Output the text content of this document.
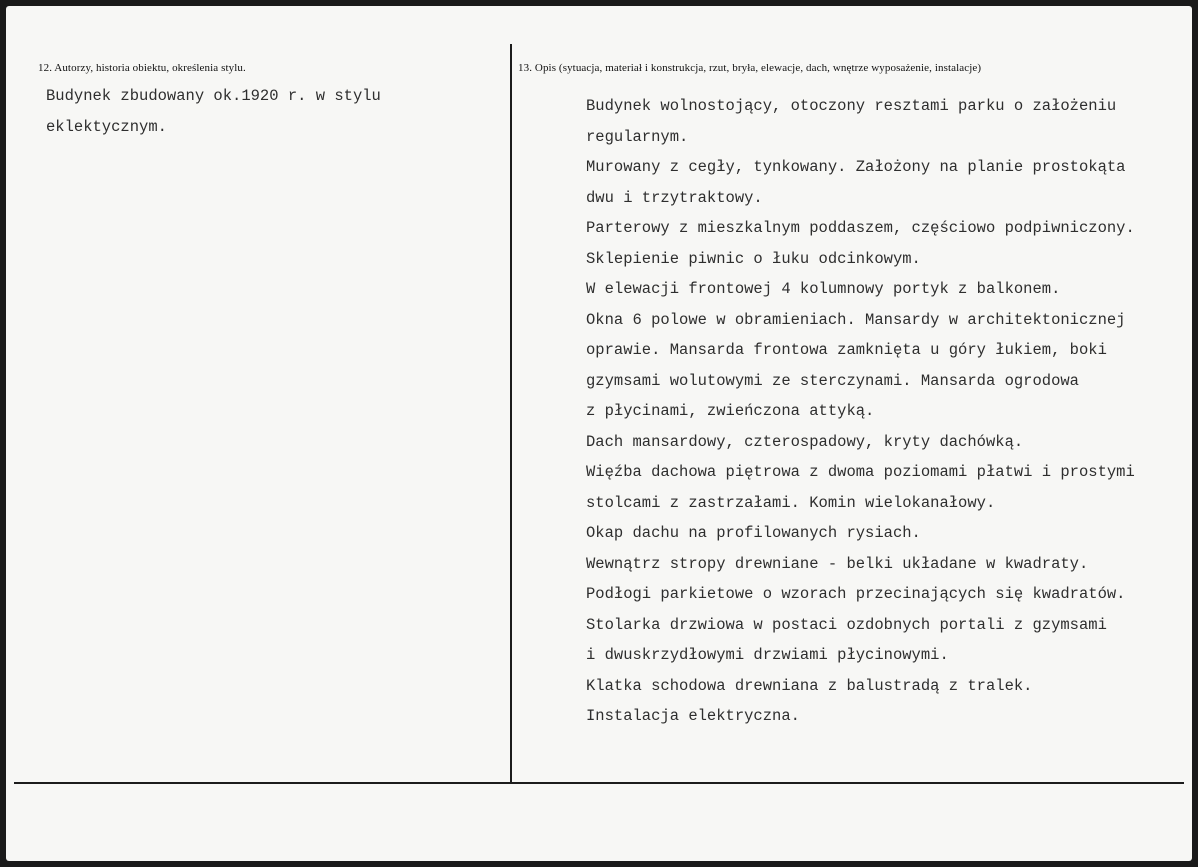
12. Autorzy, historia obiektu, określenia stylu.	13. Opis (sytuacja, materiał i konstrukcja, rzut, bryła, elewacje, dach, wnętrze wyposażenie, instalacje)
Budynek zbudowany ok.1920 r. w stylu
eklektycznym.
Budynek wolnostojący, otoczony resztami parku o założeniu
regularnym.
Murowany z cegły, tynkowany. Założony na planie prostokąta
dwu i trzytraktowy.
Parterowy z mieszkalnym poddaszem, częściowo podpiwniczony.
Sklepienie piwnic o łuku odcinkowym.
W elewacji frontowej 4 kolumnowy portyk z balkonem.
Okna 6 polowe w obramieniach. Mansardy w architektonicznej
oprawie. Mansarda frontowa zamknięta u góry łukiem, boki
gzymsami wolutowymi ze sterczynami. Mansarda ogrodowa
z płycinami, zwieńczona attyką.
Dach mansardowy, czterospadowy, kryty dachówką.
Więźba dachowa piętrowa z dwoma poziomami płatwi i prostymi
stolcami z zastrzałami. Komin wielokanałowy.
Okap dachu na profilowanych rysiach.
Wewnątrz stropy drewniane - belki układane w kwadraty.
Podłogi parkietowe o wzorach przecinających się kwadratów.
Stolarka drzwiowa w postaci ozdobnych portali z gzymsami
i dwuskrzydłowymi drzwiami płycinowymi.
Klatka schodowa drewniana z balustradą z tralek.
Instalacja elektryczna.
